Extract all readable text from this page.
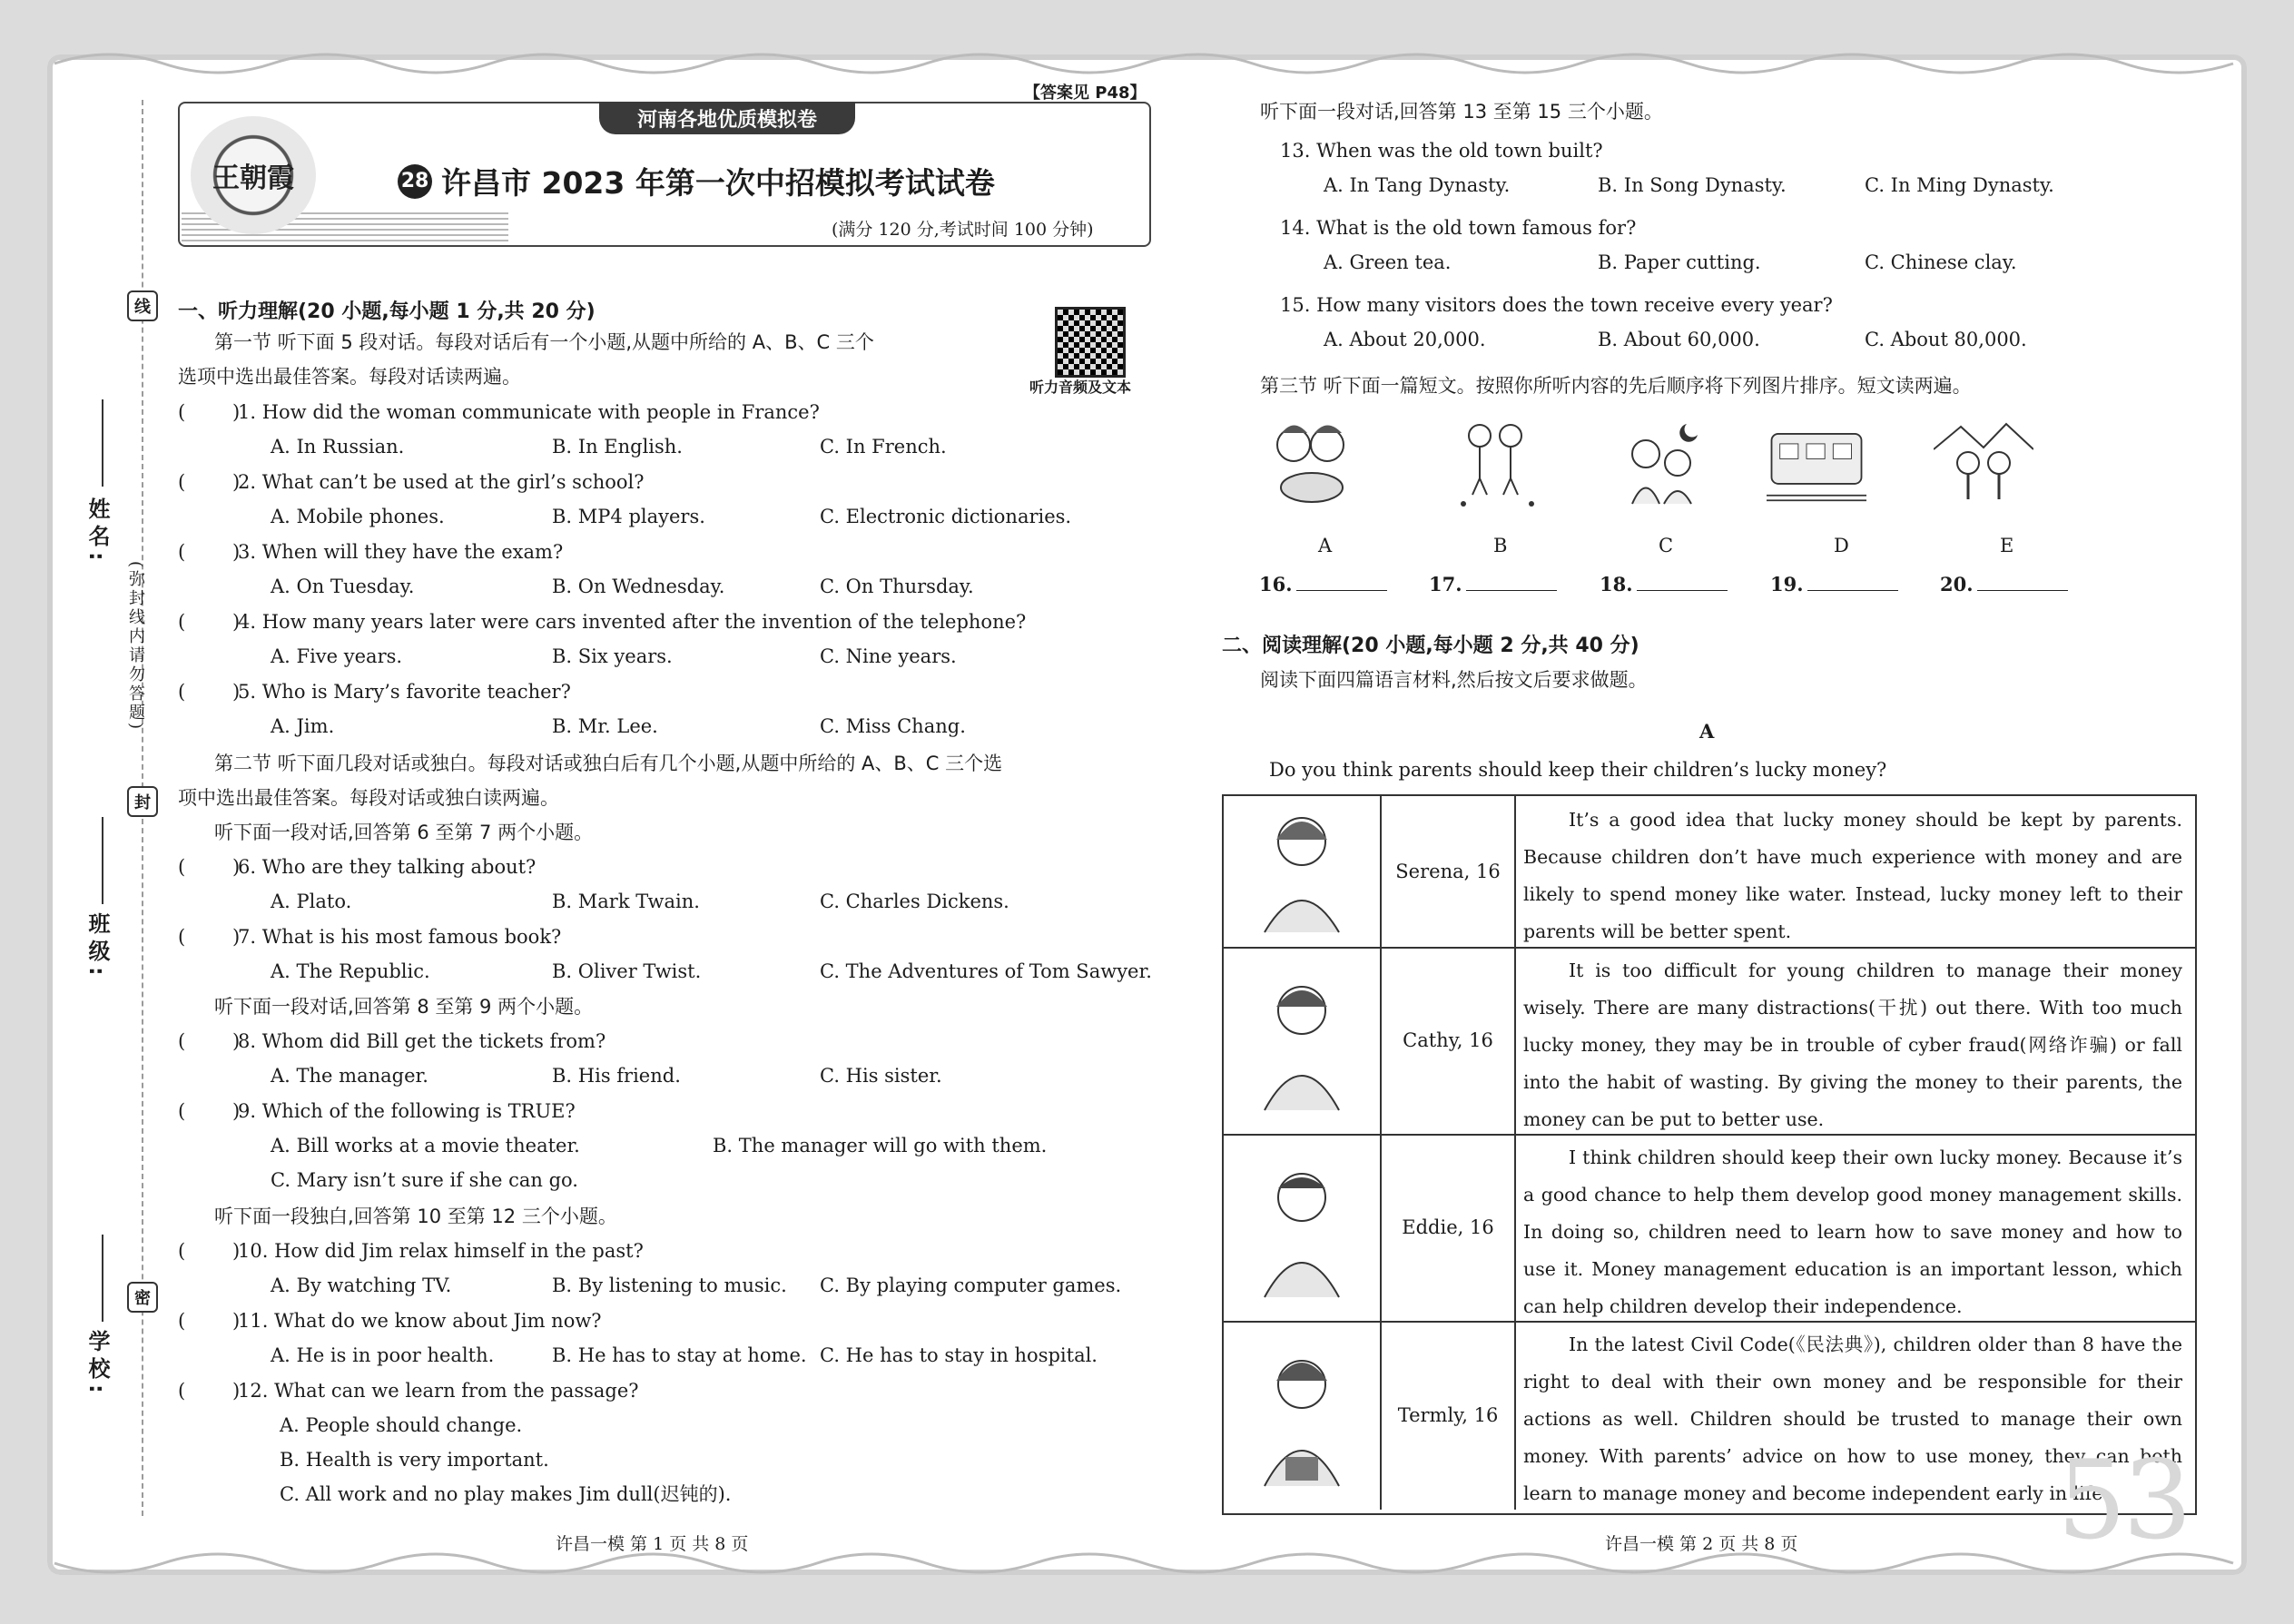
姓名:
班级:
学校:
(弥封线内请勿答题)
线
封
密
王朝霞
【答案见 P48】
河南各地优质模拟卷
28 许昌市 2023 年第一次中招模拟考试试卷
(满分 120 分,考试时间 100 分钟)
一、听力理解(20 小题,每小题 1 分,共 20 分)
听力音频及文本
第一节 听下面 5 段对话。每段对话后有一个小题,从题中所给的 A、B、C 三个
选项中选出最佳答案。每段对话读两遍。
( )
1. How did the woman communicate with people in France?
A. In Russian.	B. In English.	C. In French.
( )
2. What can’t be used at the girl’s school?
A. Mobile phones.	B. MP4 players.	C. Electronic dictionaries.
( )
3. When will they have the exam?
A. On Tuesday.	B. On Wednesday.	C. On Thursday.
( )
4. How many years later were cars invented after the invention of the telephone?
A. Five years.	B. Six years.	C. Nine years.
( )
5. Who is Mary’s favorite teacher?
A. Jim.	B. Mr. Lee.	C. Miss Chang.
( )
6. Who are they talking about?
A. Plato.	B. Mark Twain.	C. Charles Dickens.
( )
7. What is his most famous book?
A. The Republic.	B. Oliver Twist.	C. The Adventures of Tom Sawyer.
( )
8. Whom did Bill get the tickets from?
A. The manager.	B. His friend.	C. His sister.
( )
9. Which of the following is TRUE?
A. Bill works at a movie theater.	B. The manager will go with them.
C. Mary isn’t sure if she can go.
( )
10. How did Jim relax himself in the past?
A. By watching TV.	B. By listening to music. C. By playing computer games.
( )
11. What do we know about Jim now?
A. He is in poor health.	B. He has to stay at home. C. He has to stay in hospital.
( )
12. What can we learn from the passage?
A. People should change.
B. Health is very important.
C. All work and no play makes Jim dull(迟钝的).
第二节 听下面几段对话或独白。每段对话或独白后有几个小题,从题中所给的 A、B、C 三个选
项中选出最佳答案。每段对话或独白读两遍。
听下面一段对话,回答第 6 至第 7 两个小题。
听下面一段对话,回答第 8 至第 9 两个小题。
听下面一段独白,回答第 10 至第 12 三个小题。
许昌一模 第 1 页 共 8 页
听下面一段对话,回答第 13 至第 15 三个小题。
13. When was the old town built?
A. In Tang Dynasty.	B. In Song Dynasty.	C. In Ming Dynasty.
14. What is the old town famous for?
A. Green tea.	B. Paper cutting.	C. Chinese clay.
15. How many visitors does the town receive every year?
A. About 20,000.	B. About 60,000.	C. About 80,000.
第三节 听下面一篇短文。按照你所听内容的先后顺序将下列图片排序。短文读两遍。
A	B	C	D	E
16.	17.	18.	19.	20.
二、阅读理解(20 小题,每小题 2 分,共 40 分)
阅读下面四篇语言材料,然后按文后要求做题。
A
Do you think parents should keep their children’s lucky money?
Serena, 16
It’s a good idea that lucky money should be kept by parents. Because children don’t have much experience with money and are likely to spend money like water. Instead, lucky money left to their parents will be better spent.
Cathy, 16
It is too difficult for young children to manage their money wisely. There are many distractions(干扰) out there. With too much lucky money, they may be in trouble of cyber fraud(网络诈骗) or fall into the habit of wasting. By giving the money to their parents, the money can be put to better use.
Eddie, 16
I think children should keep their own lucky money. Because it’s a good chance to help them develop good money management skills. In doing so, children need to learn how to save money and how to use it. Money management education is an important lesson, which can help children develop their independence.
Termly, 16
In the latest Civil Code(《民法典》), children older than 8 have the right to deal with their own money and be responsible for their actions as well. Children should be trusted to manage their own money. With parents’ advice on how to use money, they can both learn to manage money and become independent early in life.
53
许昌一模 第 2 页 共 8 页
